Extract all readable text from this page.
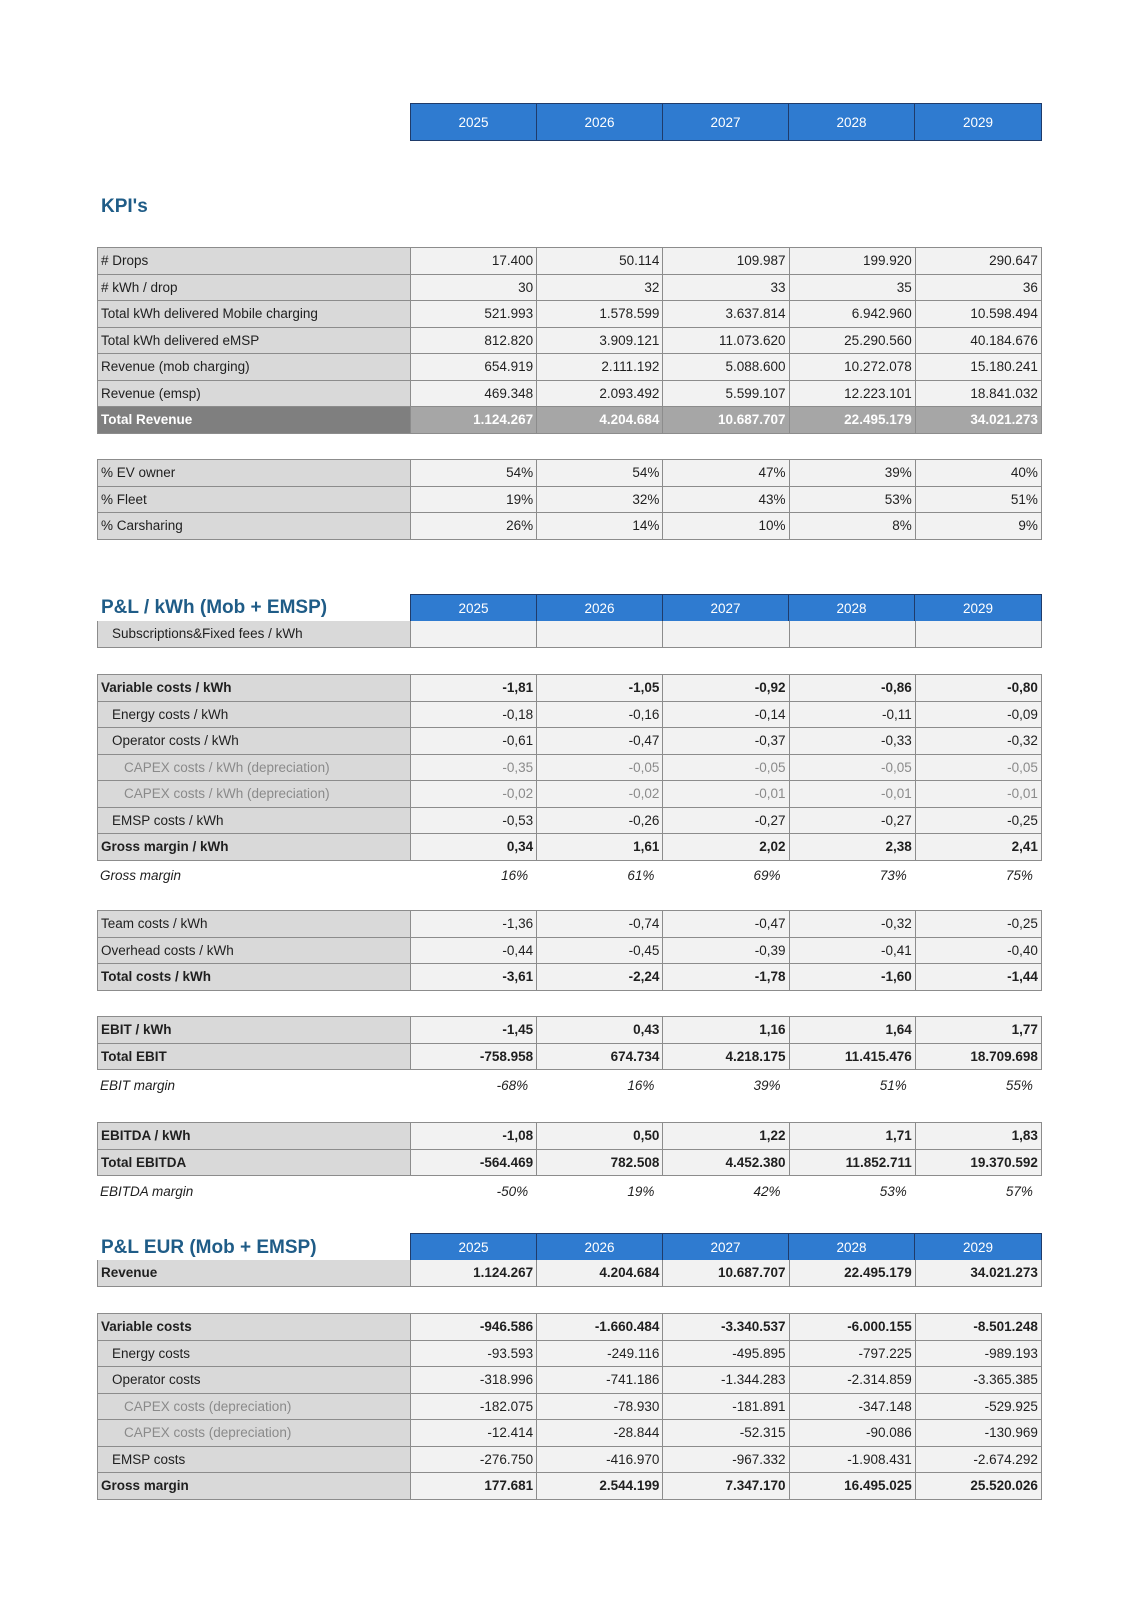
2025	2026	2027	2028	2029
KPI's
# Drops	17.400	50.114	109.987	199.920	290.647
# kWh / drop	30	32	33	35	36
Total kWh delivered Mobile charging	521.993	1.578.599	3.637.814	6.942.960	10.598.494
Total kWh delivered eMSP	812.820	3.909.121	11.073.620	25.290.560	40.184.676
Revenue (mob charging)	654.919	2.111.192	5.088.600	10.272.078	15.180.241
Revenue (emsp)	469.348	2.093.492	5.599.107	12.223.101	18.841.032
Total Revenue	1.124.267	4.204.684	10.687.707	22.495.179	34.021.273
% EV owner	54%	54%	47%	39%	40%
% Fleet	19%	32%	43%	53%	51%
% Carsharing	26%	14%	10%	8%	9%
P&L / kWh (Mob + EMSP)	2025	2026	2027	2028	2029
Subscriptions&Fixed fees / kWh
Variable costs / kWh	-1,81	-1,05	-0,92	-0,86	-0,80
Energy costs / kWh	-0,18	-0,16	-0,14	-0,11	-0,09
Operator costs / kWh	-0,61	-0,47	-0,37	-0,33	-0,32
CAPEX costs / kWh (depreciation)	-0,35	-0,05	-0,05	-0,05	-0,05
CAPEX costs / kWh (depreciation)	-0,02	-0,02	-0,01	-0,01	-0,01
EMSP costs / kWh	-0,53	-0,26	-0,27	-0,27	-0,25
Gross margin / kWh	0,34	1,61	2,02	2,38	2,41
Gross margin	16%	61%	69%	73%	75%
Team costs / kWh	-1,36	-0,74	-0,47	-0,32	-0,25
Overhead costs / kWh	-0,44	-0,45	-0,39	-0,41	-0,40
Total costs / kWh	-3,61	-2,24	-1,78	-1,60	-1,44
EBIT / kWh	-1,45	0,43	1,16	1,64	1,77
Total EBIT	-758.958	674.734	4.218.175	11.415.476	18.709.698
EBIT margin	-68%	16%	39%	51%	55%
EBITDA / kWh	-1,08	0,50	1,22	1,71	1,83
Total EBITDA	-564.469	782.508	4.452.380	11.852.711	19.370.592
EBITDA margin	-50%	19%	42%	53%	57%
P&L EUR (Mob + EMSP)	2025	2026	2027	2028	2029
Revenue	1.124.267	4.204.684	10.687.707	22.495.179	34.021.273
Variable costs	-946.586	-1.660.484	-3.340.537	-6.000.155	-8.501.248
Energy costs	-93.593	-249.116	-495.895	-797.225	-989.193
Operator costs	-318.996	-741.186	-1.344.283	-2.314.859	-3.365.385
CAPEX costs (depreciation)	-182.075	-78.930	-181.891	-347.148	-529.925
CAPEX costs (depreciation)	-12.414	-28.844	-52.315	-90.086	-130.969
EMSP costs	-276.750	-416.970	-967.332	-1.908.431	-2.674.292
Gross margin	177.681	2.544.199	7.347.170	16.495.025	25.520.026
